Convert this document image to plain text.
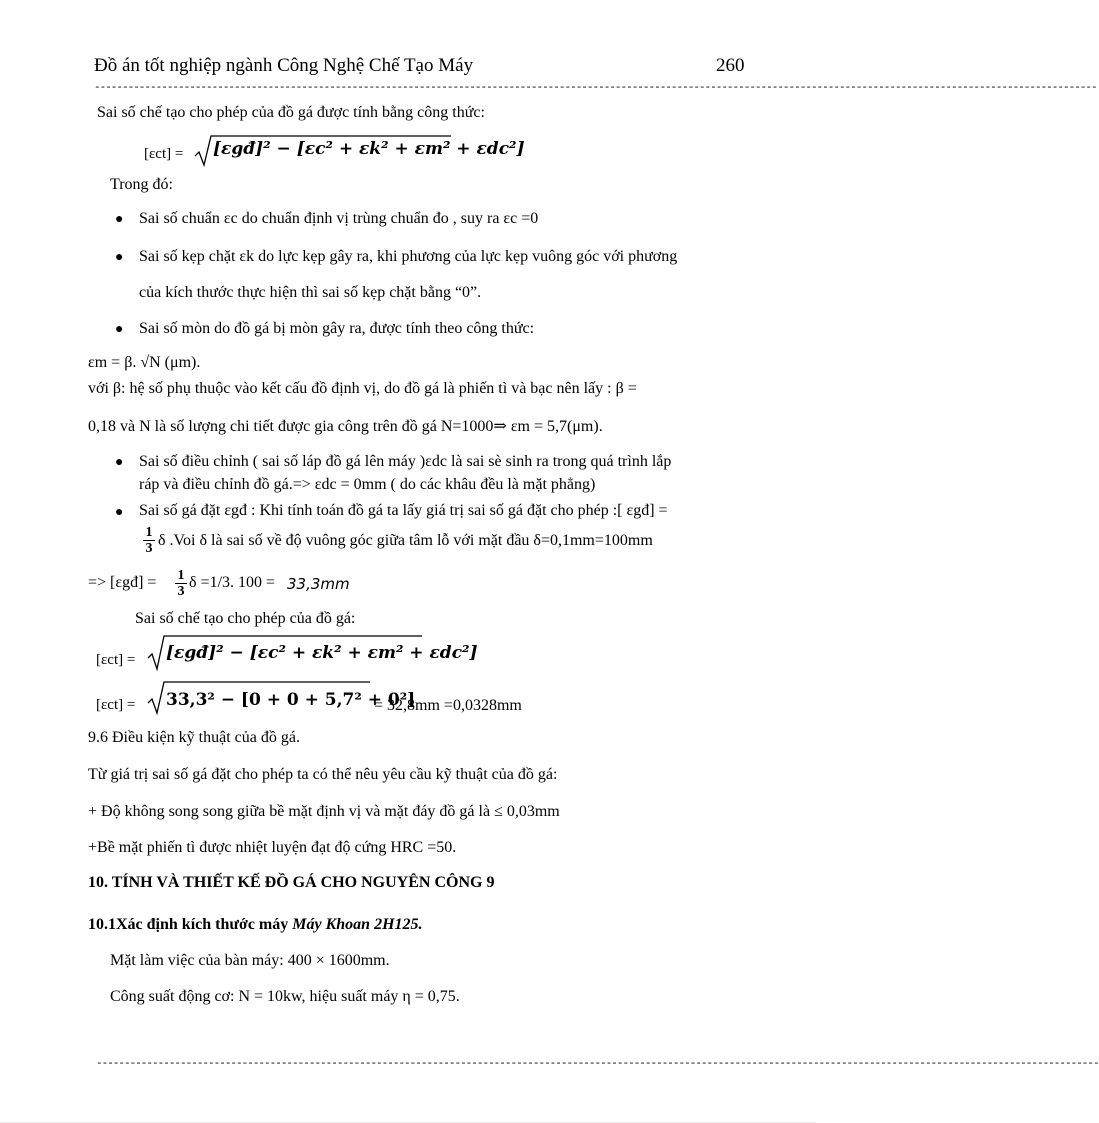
Đồ án tốt nghiệp ngành Công Nghệ Chế Tạo Máy	260
-----------------------------------------------------------------------------------------------------------------------------------------------------------------------------------
Sai số chế tạo cho phép của đồ gá được tính bằng công thức:
[εct] = [εgđ]² − [εc² + εk² + εm² + εdc²]
Trong đó:
● Sai số chuẩn εc do chuẩn định vị trùng chuẩn đo , suy ra εc =0
● Sai số kẹp chặt εk do lực kẹp gây ra, khi phương của lực kẹp vuông góc với phương
của kích thước thực hiện thì sai số kẹp chặt bằng “0”.
● Sai số mòn do đồ gá bị mòn gây ra, được tính theo công thức:
εm = β. √N (μm).
với β: hệ số phụ thuộc vào kết cấu đồ định vị, do đồ gá là phiến tì và bạc nên lấy : β =
0,18 và N là số lượng chi tiết được gia công trên đồ gá N=1000⇒ εm = 5,7(μm).
● Sai số điều chỉnh ( sai số láp đồ gá lên máy )εdc là sai sè sinh ra trong quá trình lắp
ráp và điều chỉnh đồ gá.=> εdc = 0mm ( do các khâu đều là mặt phẳng)
● Sai số gá đặt εgđ : Khi tính toán đồ gá ta lấy giá trị sai số gá đặt cho phép :[ εgđ] =
$\frac{1}{3}$ δ .Voi δ là sai số về độ vuông góc giữa tâm lỗ với mặt đầu δ=0,1mm=100mm
=> [εgđ] = $\frac{1}{3}$ δ =1/3. 100 = 33,3mm
Sai số chế tạo cho phép của đồ gá:
[εct] = [εgđ]² − [εc² + εk² + εm² + εdc²]
[εct] = 33,3² − [0 + 0 + 5,7² + 0²]
= 32,8mm =0,0328mm
9.6 Điều kiện kỹ thuật của đồ gá.
Từ giá trị sai số gá đặt cho phép ta có thể nêu yêu cầu kỹ thuật của đồ gá:
+ Độ không song song giữa bề mặt định vị và mặt đáy đồ gá là ≤ 0,03mm
+Bề mặt phiến tì được nhiệt luyện đạt độ cứng HRC =50.
10. TÍNH VÀ THIẾT KẾ ĐỒ GÁ CHO NGUYÊN CÔNG 9
10.1Xác định kích thước máy Máy Khoan 2H125.
Mặt làm việc của bàn máy: 400 × 1600mm.
Công suất động cơ: N = 10kw, hiệu suất máy η = 0,75.
-----------------------------------------------------------------------------------------------------------------------------------------------------------------------------------
